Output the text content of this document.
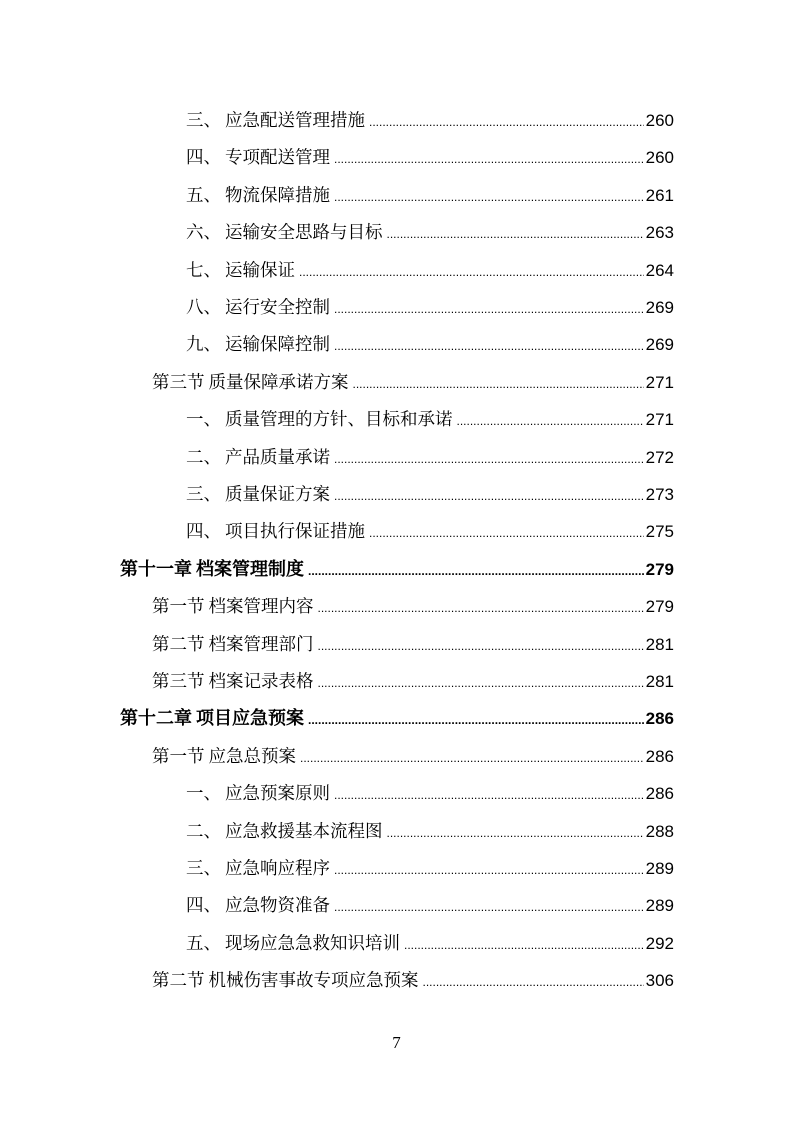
三、 应急配送管理措施 .....	260
四、 专项配送管理 .....	260
五、 物流保障措施 .....	261
六、 运输安全思路与目标 .....	263
七、 运输保证 .....	264
八、 运行安全控制 .....	269
九、 运输保障控制 .....	269
第三节 质量保障承诺方案 .....	271
一、 质量管理的方针、目标和承诺 .....	271
二、 产品质量承诺 .....	272
三、 质量保证方案 .....	273
四、 项目执行保证措施 .....	275
第十一章 档案管理制度 .....	279
第一节 档案管理内容 .....	279
第二节 档案管理部门 .....	281
第三节 档案记录表格 .....	281
第十二章 项目应急预案 .....	286
第一节 应急总预案 .....	286
一、 应急预案原则 .....	286
二、 应急救援基本流程图 .....	288
三、 应急响应程序 .....	289
四、 应急物资准备 .....	289
五、 现场应急急救知识培训 .....	292
第二节 机械伤害事故专项应急预案 .....	306
7
